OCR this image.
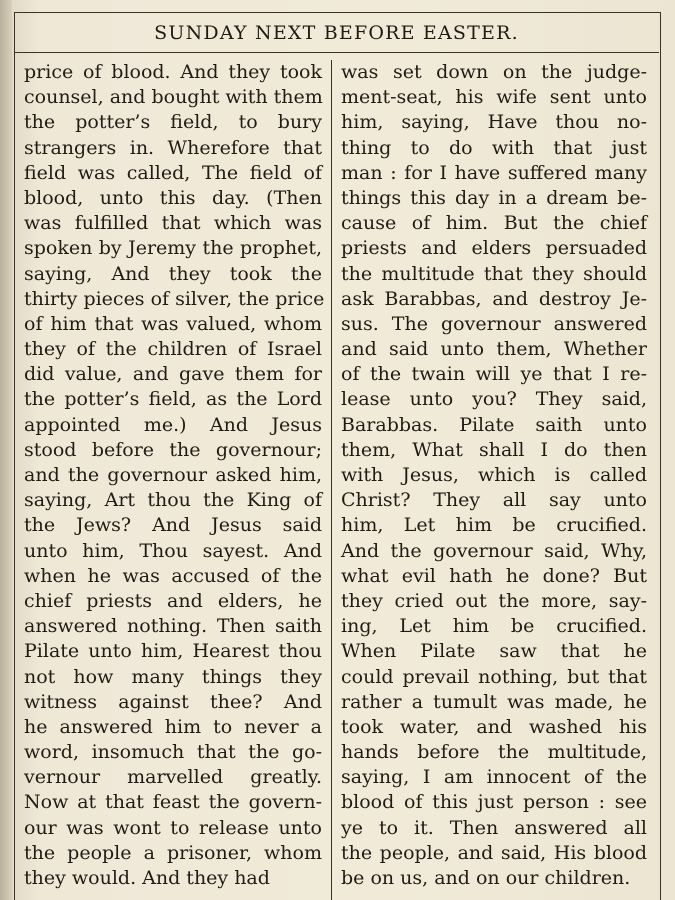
SUNDAY NEXT BEFORE EASTER.
price of blood. And they took
counsel, and bought with them
the potter’s field, to bury
strangers in. Wherefore that
field was called, The field of
blood, unto this day. (Then
was fulfilled that which was
spoken by Jeremy the prophet,
saying, And they took the
thirty pieces of silver, the price
of him that was valued, whom
they of the children of Israel
did value, and gave them for
the potter’s field, as the Lord
appointed me.) And Jesus
stood before the governour;
and the governour asked him,
saying, Art thou the King of
the Jews? And Jesus said
unto him, Thou sayest. And
when he was accused of the
chief priests and elders, he
answered nothing. Then saith
Pilate unto him, Hearest thou
not how many things they
witness against thee? And
he answered him to never a
word, insomuch that the go-
vernour marvelled greatly.
Now at that feast the govern-
our was wont to release unto
the people a prisoner, whom
they would. And they had
was set down on the judge-
ment-seat, his wife sent unto
him, saying, Have thou no-
thing to do with that just
man : for I have suffered many
things this day in a dream be-
cause of him. But the chief
priests and elders persuaded
the multitude that they should
ask Barabbas, and destroy Je-
sus. The governour answered
and said unto them, Whether
of the twain will ye that I re-
lease unto you? They said,
Barabbas. Pilate saith unto
them, What shall I do then
with Jesus, which is called
Christ? They all say unto
him, Let him be crucified.
And the governour said, Why,
what evil hath he done? But
they cried out the more, say-
ing, Let him be crucified.
When Pilate saw that he
could prevail nothing, but that
rather a tumult was made, he
took water, and washed his
hands before the multitude,
saying, I am innocent of the
blood of this just person : see
ye to it. Then answered all
the people, and said, His blood
be on us, and on our children.
